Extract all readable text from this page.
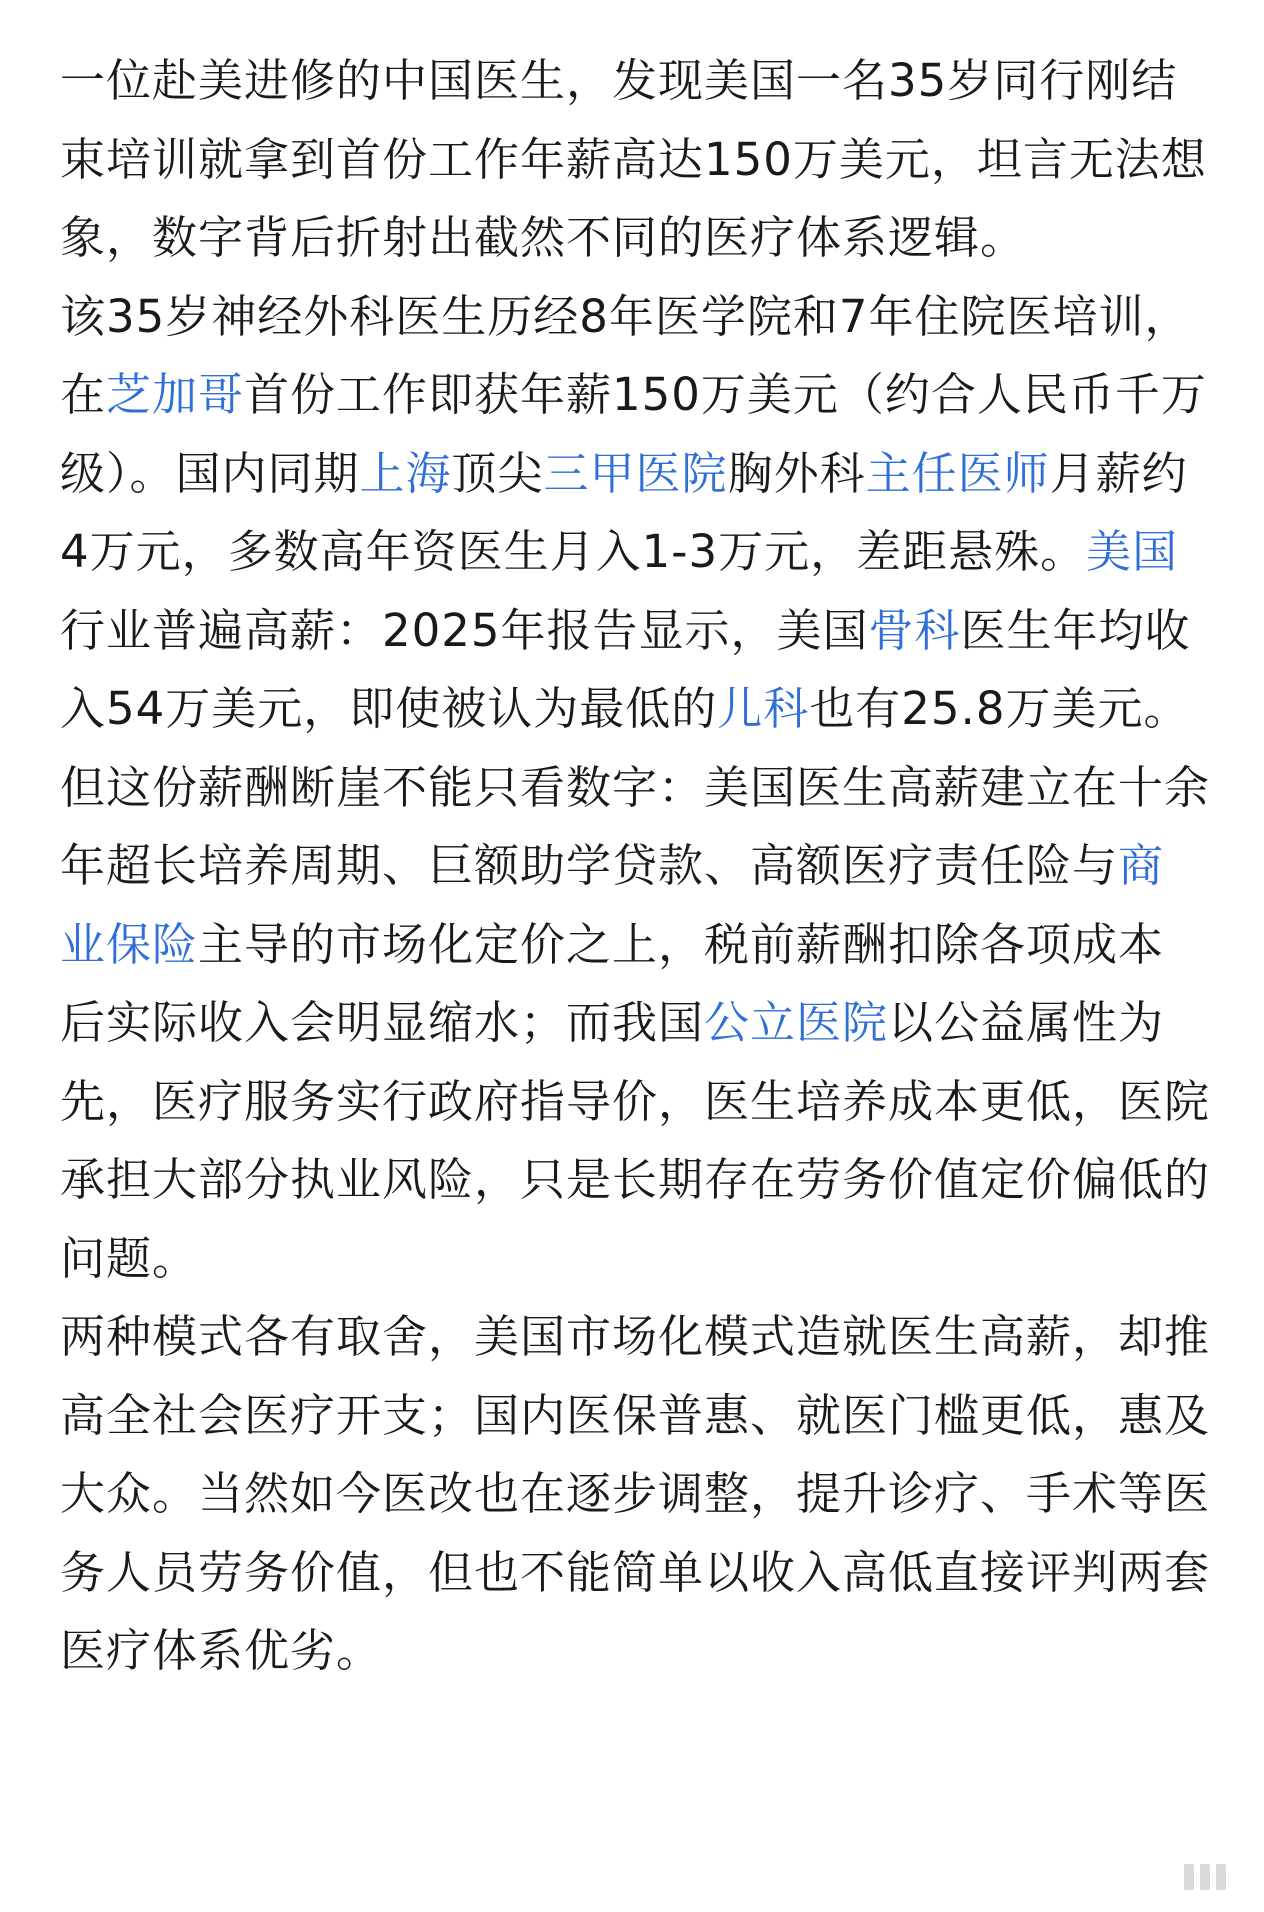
一位赴美进修的中国医生，发现美国一名35岁同行刚结束培训就拿到首份工作年薪高达150万美元，坦言无法想象，数字背后折射出截然不同的医疗体系逻辑。

该35岁神经外科医生历经8年医学院和7年住院医培训，在芝加哥首份工作即获年薪150万美元（约合人民币千万级）。国内同期上海顶尖三甲医院胸外科主任医师月薪约4万元，多数高年资医生月入1-3万元，差距悬殊。美国行业普遍高薪：2025年报告显示，美国骨科医生年均收入54万美元，即使被认为最低的儿科也有25.8万美元。

但这份薪酬断崖不能只看数字：美国医生高薪建立在十余年超长培养周期、巨额助学贷款、高额医疗责任险与商业保险主导的市场化定价之上，税前薪酬扣除各项成本后实际收入会明显缩水；而我国公立医院以公益属性为先，医疗服务实行政府指导价，医生培养成本更低，医院承担大部分执业风险，只是长期存在劳务价值定价偏低的问题。

两种模式各有取舍，美国市场化模式造就医生高薪，却推高全社会医疗开支；国内医保普惠、就医门槛更低，惠及大众。当然如今医改也在逐步调整，提升诊疗、手术等医务人员劳务价值，但也不能简单以收入高低直接评判两套医疗体系优劣。
